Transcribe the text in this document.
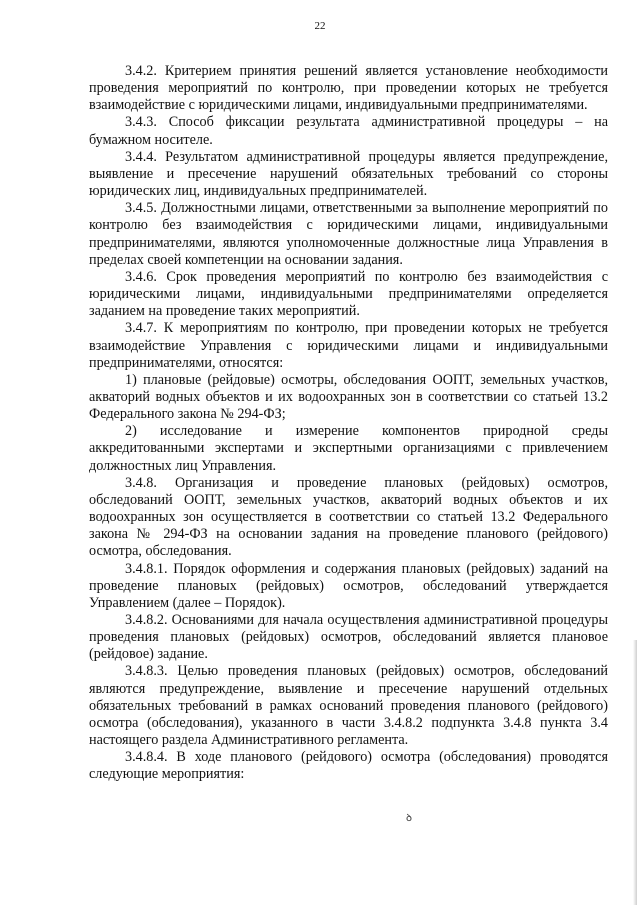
22

3.4.2. Критерием принятия решений является установление необходимости проведения мероприятий по контролю, при проведении которых не требуется взаимодействие с юридическими лицами, индивидуальными предпринимателями.

3.4.3. Способ фиксации результата административной процедуры – на бумажном носителе.

3.4.4. Результатом административной процедуры является предупреждение, выявление и пресечение нарушений обязательных требований со стороны юридических лиц, индивидуальных предпринимателей.

3.4.5. Должностными лицами, ответственными за выполнение мероприятий по контролю без взаимодействия с юридическими лицами, индивидуальными предпринимателями, являются уполномоченные должностные лица Управления в пределах своей компетенции на основании задания.

3.4.6. Срок проведения мероприятий по контролю без взаимодействия с юридическими лицами, индивидуальными предпринимателями определяется заданием на проведение таких мероприятий.

3.4.7. К мероприятиям по контролю, при проведении которых не требуется взаимодействие Управления с юридическими лицами и индивидуальными предпринимателями, относятся:

1) плановые (рейдовые) осмотры, обследования ООПТ, земельных участков, акваторий водных объектов и их водоохранных зон в соответствии со статьей 13.2 Федерального закона № 294-ФЗ;

2) исследование и измерение компонентов природной среды аккредитованными экспертами и экспертными организациями с привлечением должностных лиц Управления.

3.4.8. Организация и проведение плановых (рейдовых) осмотров, обследований ООПТ, земельных участков, акваторий водных объектов и их водоохранных зон осуществляется в соответствии со статьей 13.2 Федерального закона № 294-ФЗ на основании задания на проведение планового (рейдового) осмотра, обследования.

3.4.8.1. Порядок оформления и содержания плановых (рейдовых) заданий на проведение плановых (рейдовых) осмотров, обследований утверждается Управлением (далее – Порядок).

3.4.8.2. Основаниями для начала осуществления административной процедуры проведения плановых (рейдовых) осмотров, обследований является плановое (рейдовое) задание.

3.4.8.3. Целью проведения плановых (рейдовых) осмотров, обследований являются предупреждение, выявление и пресечение нарушений отдельных обязательных требований в рамках оснований проведения планового (рейдового) осмотра (обследования), указанного в части 3.4.8.2 подпункта 3.4.8 пункта 3.4 настоящего раздела Административного регламента.

3.4.8.4. В ходе планового (рейдового) осмотра (обследования) проводятся следующие мероприятия:

ꝺ
